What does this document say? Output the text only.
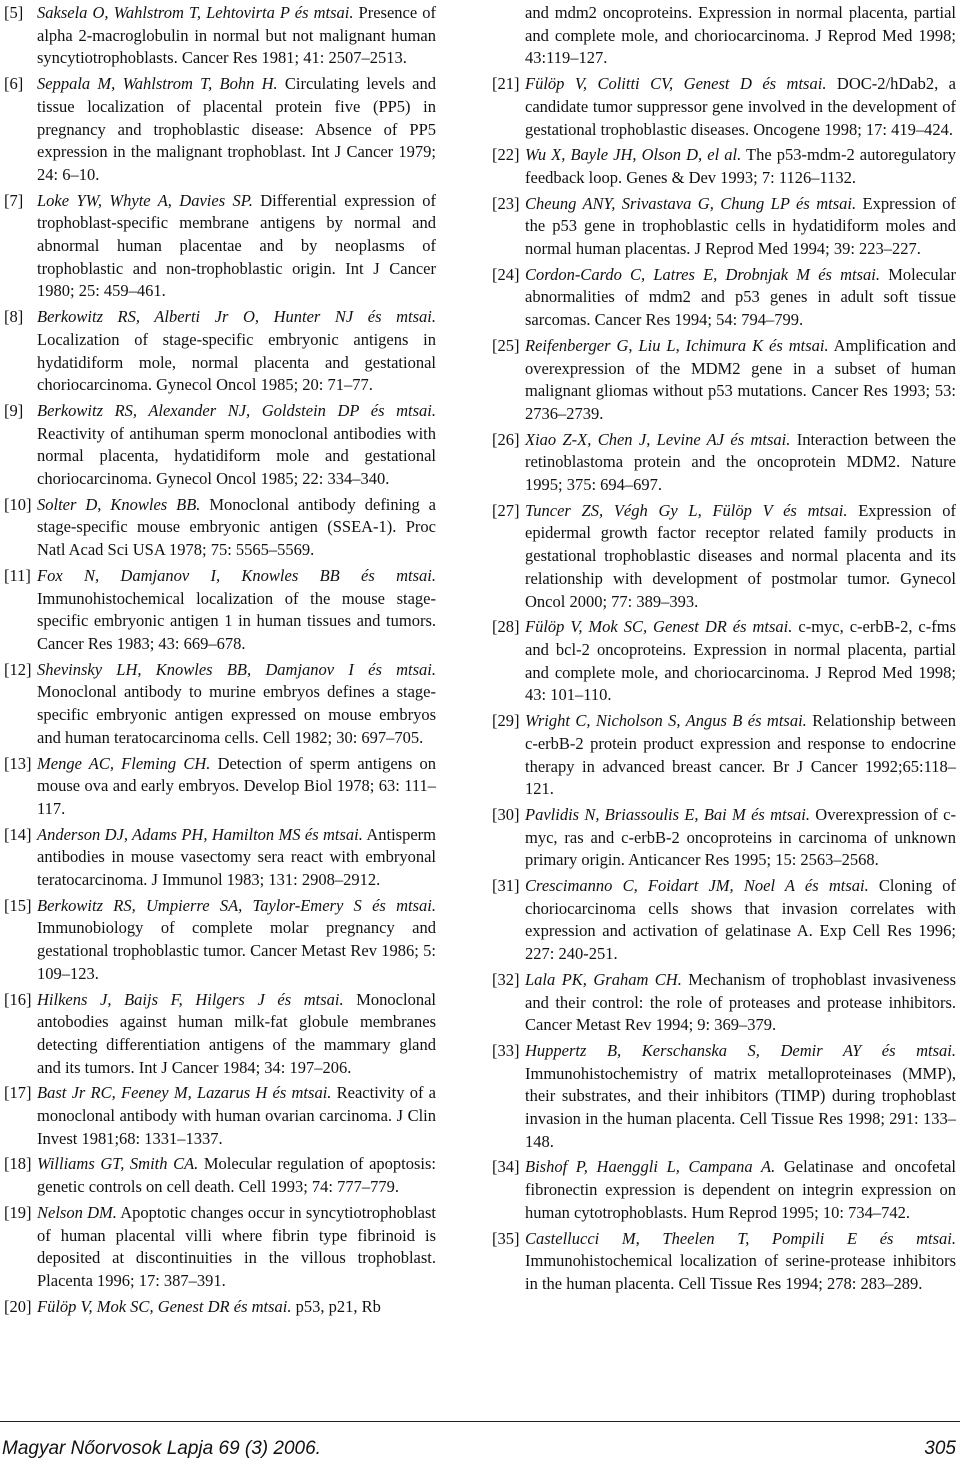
[5] Saksela O, Wahlstrom T, Lehtovirta P és mtsai. Presence of alpha 2-macroglobulin in normal but not malignant human syncytiotrophoblasts. Cancer Res 1981; 41: 2507–2513.

[6] Seppala M, Wahlstrom T, Bohn H. Circulating levels and tissue localization of placental protein five (PP5) in pregnancy and trophoblastic disease: Absence of PP5 expression in the malignant trophoblast. Int J Cancer 1979; 24: 6–10.

[7] Loke YW, Whyte A, Davies SP. Differential expression of trophoblast-specific membrane antigens by normal and abnormal human placentae and by neoplasms of trophoblastic and non-trophoblastic origin. Int J Cancer 1980; 25: 459–461.

[8] Berkowitz RS, Alberti Jr O, Hunter NJ és mtsai. Localization of stage-specific embryonic antigens in hydatidiform mole, normal placenta and gestational choriocarcinoma. Gynecol Oncol 1985; 20: 71–77.

[9] Berkowitz RS, Alexander NJ, Goldstein DP és mtsai. Reactivity of antihuman sperm monoclonal antibodies with normal placenta, hydatidiform mole and gestational choriocarcinoma. Gynecol Oncol 1985; 22: 334–340.

[10] Solter D, Knowles BB. Monoclonal antibody defining a stage-specific mouse embryonic antigen (SSEA-1). Proc Natl Acad Sci USA 1978; 75: 5565–5569.

[11] Fox N, Damjanov I, Knowles BB és mtsai. Immunohistochemical localization of the mouse stage-specific embryonic antigen 1 in human tissues and tumors. Cancer Res 1983; 43: 669–678.

[12] Shevinsky LH, Knowles BB, Damjanov I és mtsai. Monoclonal antibody to murine embryos defines a stage-specific embryonic antigen expressed on mouse embryos and human teratocarcinoma cells. Cell 1982; 30: 697–705.

[13] Menge AC, Fleming CH. Detection of sperm antigens on mouse ova and early embryos. Develop Biol 1978; 63: 111–117.

[14] Anderson DJ, Adams PH, Hamilton MS és mtsai. Antisperm antibodies in mouse vasectomy sera react with embryonal teratocarcinoma. J Immunol 1983; 131: 2908–2912.

[15] Berkowitz RS, Umpierre SA, Taylor-Emery S és mtsai. Immunobiology of complete molar pregnancy and gestational trophoblastic tumor. Cancer Metast Rev 1986; 5: 109–123.

[16] Hilkens J, Baijs F, Hilgers J és mtsai. Monoclonal antobodies against human milk-fat globule membranes detecting differentiation antigens of the mammary gland and its tumors. Int J Cancer 1984; 34: 197–206.

[17] Bast Jr RC, Feeney M, Lazarus H és mtsai. Reactivity of a monoclonal antibody with human ovarian carcinoma. J Clin Invest 1981;68: 1331–1337.

[18] Williams GT, Smith CA. Molecular regulation of apoptosis: genetic controls on cell death. Cell 1993; 74: 777–779.

[19] Nelson DM. Apoptotic changes occur in syncytiotrophoblast of human placental villi where fibrin type fibrinoid is deposited at discontinuities in the villous trophoblast. Placenta 1996; 17: 387–391.

[20] Fülöp V, Mok SC, Genest DR és mtsai. p53, p21, Rb

and mdm2 oncoproteins. Expression in normal placenta, partial and complete mole, and choriocarcinoma. J Reprod Med 1998; 43:119–127.

[21] Fülöp V, Colitti CV, Genest D és mtsai. DOC-2/hDab2, a candidate tumor suppressor gene involved in the development of gestational trophoblastic diseases. Oncogene 1998; 17: 419–424.

[22] Wu X, Bayle JH, Olson D, el al. The p53-mdm-2 autoregulatory feedback loop. Genes & Dev 1993; 7: 1126–1132.

[23] Cheung ANY, Srivastava G, Chung LP és mtsai. Expression of the p53 gene in trophoblastic cells in hydatidiform moles and normal human placentas. J Reprod Med 1994; 39: 223–227.

[24] Cordon-Cardo C, Latres E, Drobnjak M és mtsai. Molecular abnormalities of mdm2 and p53 genes in adult soft tissue sarcomas. Cancer Res 1994; 54: 794–799.

[25] Reifenberger G, Liu L, Ichimura K és mtsai. Amplification and overexpression of the MDM2 gene in a subset of human malignant gliomas without p53 mutations. Cancer Res 1993; 53: 2736–2739.

[26] Xiao Z-X, Chen J, Levine AJ és mtsai. Interaction between the retinoblastoma protein and the oncoprotein MDM2. Nature 1995; 375: 694–697.

[27] Tuncer ZS, Végh Gy L, Fülöp V és mtsai. Expression of epidermal growth factor receptor related family products in gestational trophoblastic diseases and normal placenta and its relationship with development of postmolar tumor. Gynecol Oncol 2000; 77: 389–393.

[28] Fülöp V, Mok SC, Genest DR és mtsai. c-myc, c-erbB-2, c-fms and bcl-2 oncoproteins. Expression in normal placenta, partial and complete mole, and choriocarcinoma. J Reprod Med 1998; 43: 101–110.

[29] Wright C, Nicholson S, Angus B és mtsai. Relationship between c-erbB-2 protein product expression and response to endocrine therapy in advanced breast cancer. Br J Cancer 1992;65:118–121.

[30] Pavlidis N, Briassoulis E, Bai M és mtsai. Overexpression of c-myc, ras and c-erbB-2 oncoproteins in carcinoma of unknown primary origin. Anticancer Res 1995; 15: 2563–2568.

[31] Crescimanno C, Foidart JM, Noel A és mtsai. Cloning of choriocarcinoma cells shows that invasion correlates with expression and activation of gelatinase A. Exp Cell Res 1996; 227: 240-251.

[32] Lala PK, Graham CH. Mechanism of trophoblast invasiveness and their control: the role of proteases and protease inhibitors. Cancer Metast Rev 1994; 9: 369–379.

[33] Huppertz B, Kerschanska S, Demir AY és mtsai. Immunohistochemistry of matrix metalloproteinases (MMP), their substrates, and their inhibitors (TIMP) during trophoblast invasion in the human placenta. Cell Tissue Res 1998; 291: 133–148.

[34] Bishof P, Haenggli L, Campana A. Gelatinase and oncofetal fibronectin expression is dependent on integrin expression on human cytotrophoblasts. Hum Reprod 1995; 10: 734–742.

[35] Castellucci M, Theelen T, Pompili E és mtsai. Immunohistochemical localization of serine-protease inhibitors in the human placenta. Cell Tissue Res 1994; 278: 283–289.

Magyar Nőorvosok Lapja 69 (3) 2006.	305
